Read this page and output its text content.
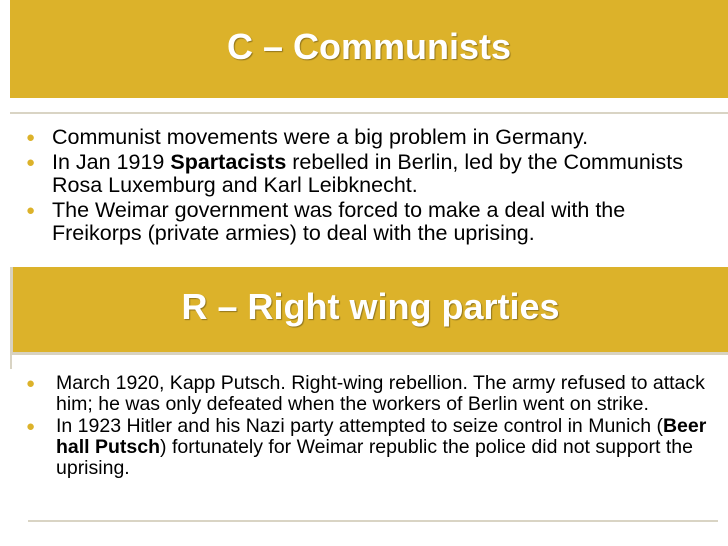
C – Communists
● Communist movements were a big problem in Germany.
● In Jan 1919 Spartacists rebelled in Berlin, led by the Communists Rosa Luxemburg and Karl Leibknecht.
● The Weimar government was forced to make a deal with the Freikorps (private armies) to deal with the uprising.
R – Right wing parties
● March 1920, Kapp Putsch. Right-wing rebellion. The army refused to attack him; he was only defeated when the workers of Berlin went on strike.
● In 1923 Hitler and his Nazi party attempted to seize control in Munich (Beer hall Putsch) fortunately for Weimar republic the police did not support the uprising.
